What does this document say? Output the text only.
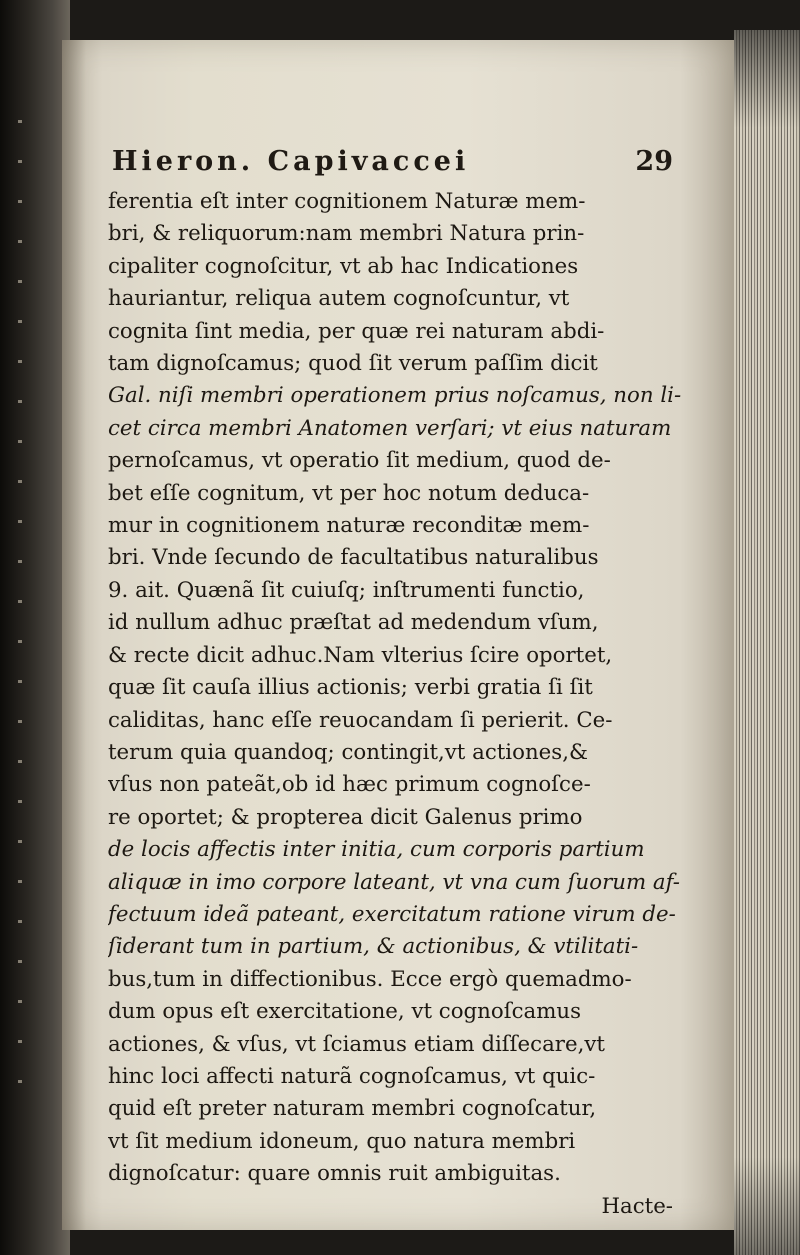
Hieron. Capivaccei	29
ferentia eſt inter cognitionem Naturæ mem-
bri, & reliquorum:nam membri Natura prin-
cipaliter cognoſcitur, vt ab hac Indicationes
hauriantur, reliqua autem cognoſcuntur, vt
cognita ſint media, per quæ rei naturam abdi-
tam dignoſcamus; quod ſit verum paſſim dicit
Gal. niſi membri operationem prius noſcamus, non li-
cet circa membri Anatomen verſari; vt eius naturam
pernoſcamus, vt operatio ſit medium, quod de-
bet eſſe cognitum, vt per hoc notum deduca-
mur in cognitionem naturæ reconditæ mem-
bri. Vnde ſecundo de facultatibus naturalibus
9. ait. Quænã ſit cuiuſq; inſtrumenti functio,
id nullum adhuc præſtat ad medendum vſum,
& recte dicit adhuc.Nam vlterius ſcire oportet,
quæ ſit cauſa illius actionis; verbi gratia ſi ſit
caliditas, hanc eſſe reuocandam ſi perierit. Ce-
terum quia quandoq; contingit,vt actiones,&
vſus non pateãt,ob id hæc primum cognoſce-
re oportet; & propterea dicit Galenus primo
de locis affectis inter initia, cum corporis partium
aliquæ in imo corpore lateant, vt vna cum ſuorum af-
fectuum ideã pateant, exercitatum ratione virum de-
ſiderant tum in partium, & actionibus, & vtilitati-
bus,tum in diffectionibus. Ecce ergò quemadmo-
dum opus eſt exercitatione, vt cognoſcamus
actiones, & vſus, vt ſciamus etiam diſſecare,vt
hinc loci affecti naturã cognoſcamus, vt quic-
quid eſt preter naturam membri cognoſcatur,
vt ſit medium idoneum, quo natura membri
dignoſcatur: quare omnis ruit ambiguitas.
Hacte-
